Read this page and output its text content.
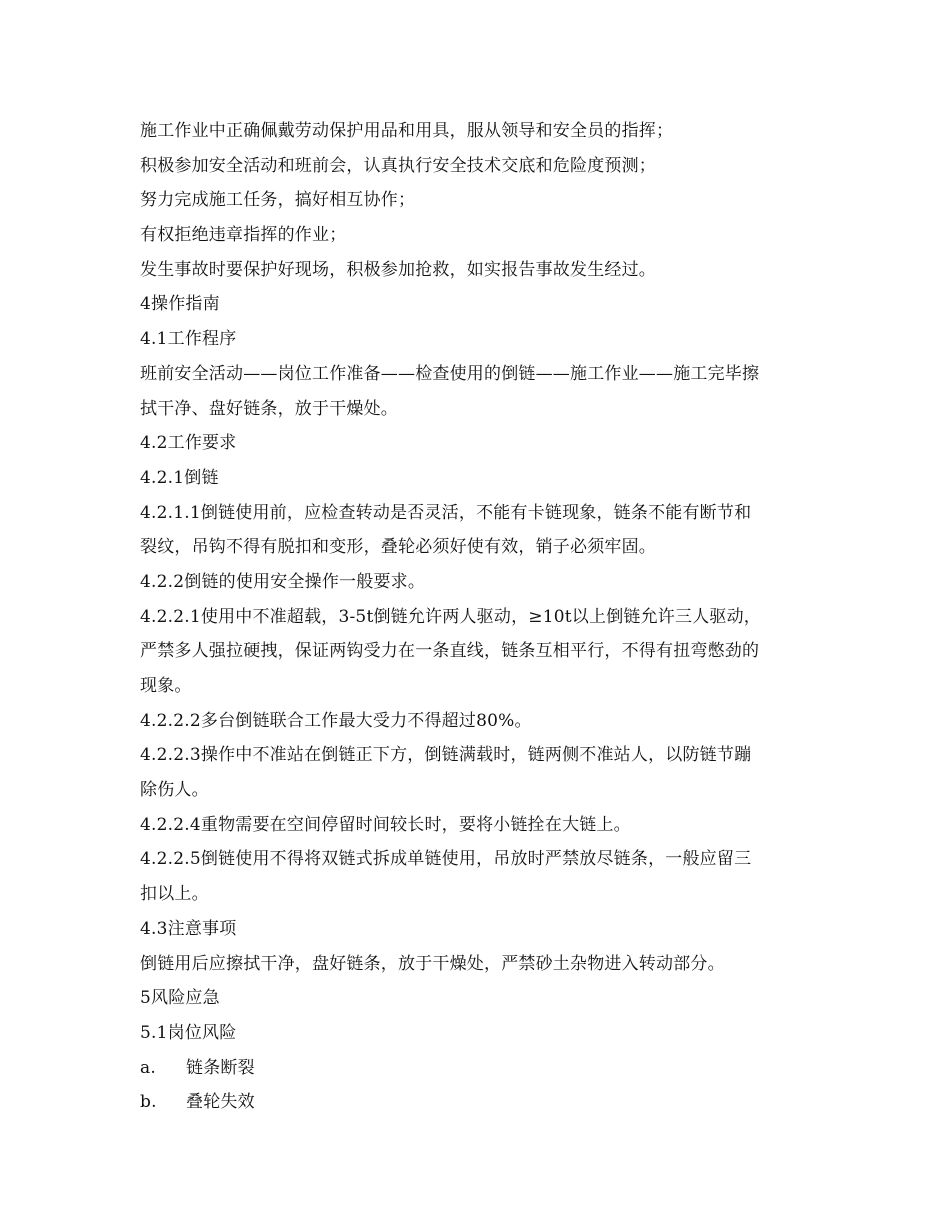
施工作业中正确佩戴劳动保护用品和用具，服从领导和安全员的指挥；
积极参加安全活动和班前会，认真执行安全技术交底和危险度预测；
努力完成施工任务，搞好相互协作；
有权拒绝违章指挥的作业；
发生事故时要保护好现场，积极参加抢救，如实报告事故发生经过。
4操作指南
4.1工作程序
班前安全活动——岗位工作准备——检查使用的倒链——施工作业——施工完毕擦
拭干净、盘好链条，放于干燥处。
4.2工作要求
4.2.1倒链
4.2.1.1倒链使用前，应检查转动是否灵活，不能有卡链现象，链条不能有断节和
裂纹，吊钩不得有脱扣和变形，叠轮必须好使有效，销子必须牢固。
4.2.2倒链的使用安全操作一般要求。
4.2.2.1使用中不准超载，3-5t倒链允许两人驱动，≥10t以上倒链允许三人驱动，
严禁多人强拉硬拽，保证两钩受力在一条直线，链条互相平行，不得有扭弯憋劲的
现象。
4.2.2.2多台倒链联合工作最大受力不得超过80%。
4.2.2.3操作中不准站在倒链正下方，倒链满载时，链两侧不准站人，以防链节蹦
除伤人。
4.2.2.4重物需要在空间停留时间较长时，要将小链拴在大链上。
4.2.2.5倒链使用不得将双链式拆成单链使用，吊放时严禁放尽链条，一般应留三
扣以上。
4.3注意事项
倒链用后应擦拭干净，盘好链条，放于干燥处，严禁砂土杂物进入转动部分。
5风险应急
5.1岗位风险
a. 链条断裂
b. 叠轮失效
